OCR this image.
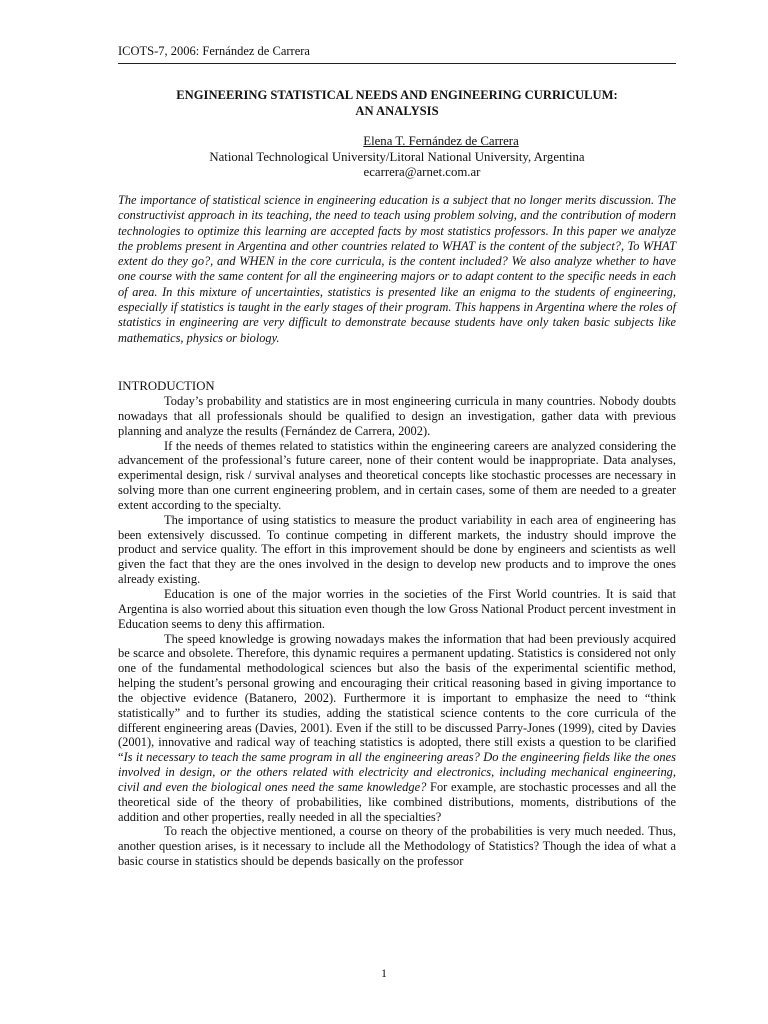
ICOTS-7, 2006: Fernández de Carrera
ENGINEERING STATISTICAL NEEDS AND ENGINEERING CURRICULUM:
AN ANALYSIS
Elena T. Fernández de Carrera
National Technological University/Litoral National University, Argentina
ecarrera@arnet.com.ar

The importance of statistical science in engineering education is a subject that no longer merits discussion. The constructivist approach in its teaching, the need to teach using problem solving, and the contribution of modern technologies to optimize this learning are accepted facts by most statistics professors. In this paper we analyze the problems present in Argentina and other countries related to WHAT is the content of the subject?, To WHAT extent do they go?, and WHEN in the core curricula, is the content included? We also analyze whether to have one course with the same content for all the engineering majors or to adapt content to the specific needs in each of area. In this mixture of uncertainties, statistics is presented like an enigma to the students of engineering, especially if statistics is taught in the early stages of their program. This happens in Argentina where the roles of statistics in engineering are very difficult to demonstrate because students have only taken basic subjects like mathematics, physics or biology.

INTRODUCTION

Today’s probability and statistics are in most engineering curricula in many countries. Nobody doubts nowadays that all professionals should be qualified to design an investigation, gather data with previous planning and analyze the results (Fernández de Carrera, 2002).

If the needs of themes related to statistics within the engineering careers are analyzed considering the advancement of the professional’s future career, none of their content would be inappropriate. Data analyses, experimental design, risk / survival analyses and theoretical concepts like stochastic processes are necessary in solving more than one current engineering problem, and in certain cases, some of them are needed to a greater extent according to the specialty.

The importance of using statistics to measure the product variability in each area of engineering has been extensively discussed. To continue competing in different markets, the industry should improve the product and service quality. The effort in this improvement should be done by engineers and scientists as well given the fact that they are the ones involved in the design to develop new products and to improve the ones already existing.

Education is one of the major worries in the societies of the First World countries. It is said that Argentina is also worried about this situation even though the low Gross National Product percent investment in Education seems to deny this affirmation.

The speed knowledge is growing nowadays makes the information that had been previously acquired be scarce and obsolete. Therefore, this dynamic requires a permanent updating. Statistics is considered not only one of the fundamental methodological sciences but also the basis of the experimental scientific method, helping the student’s personal growing and encouraging their critical reasoning based in giving importance to the objective evidence (Batanero, 2002). Furthermore it is important to emphasize the need to “think statistically” and to further its studies, adding the statistical science contents to the core curricula of the different engineering areas (Davies, 2001). Even if the still to be discussed Parry-Jones (1999), cited by Davies (2001), innovative and radical way of teaching statistics is adopted, there still exists a question to be clarified “Is it necessary to teach the same program in all the engineering areas? Do the engineering fields like the ones involved in design, or the others related with electricity and electronics, including mechanical engineering, civil and even the biological ones need the same knowledge? For example, are stochastic processes and all the theoretical side of the theory of probabilities, like combined distributions, moments, distributions of the addition and other properties, really needed in all the specialties?

To reach the objective mentioned, a course on theory of the probabilities is very much needed. Thus, another question arises, is it necessary to include all the Methodology of Statistics? Though the idea of what a basic course in statistics should be depends basically on the professor

1
